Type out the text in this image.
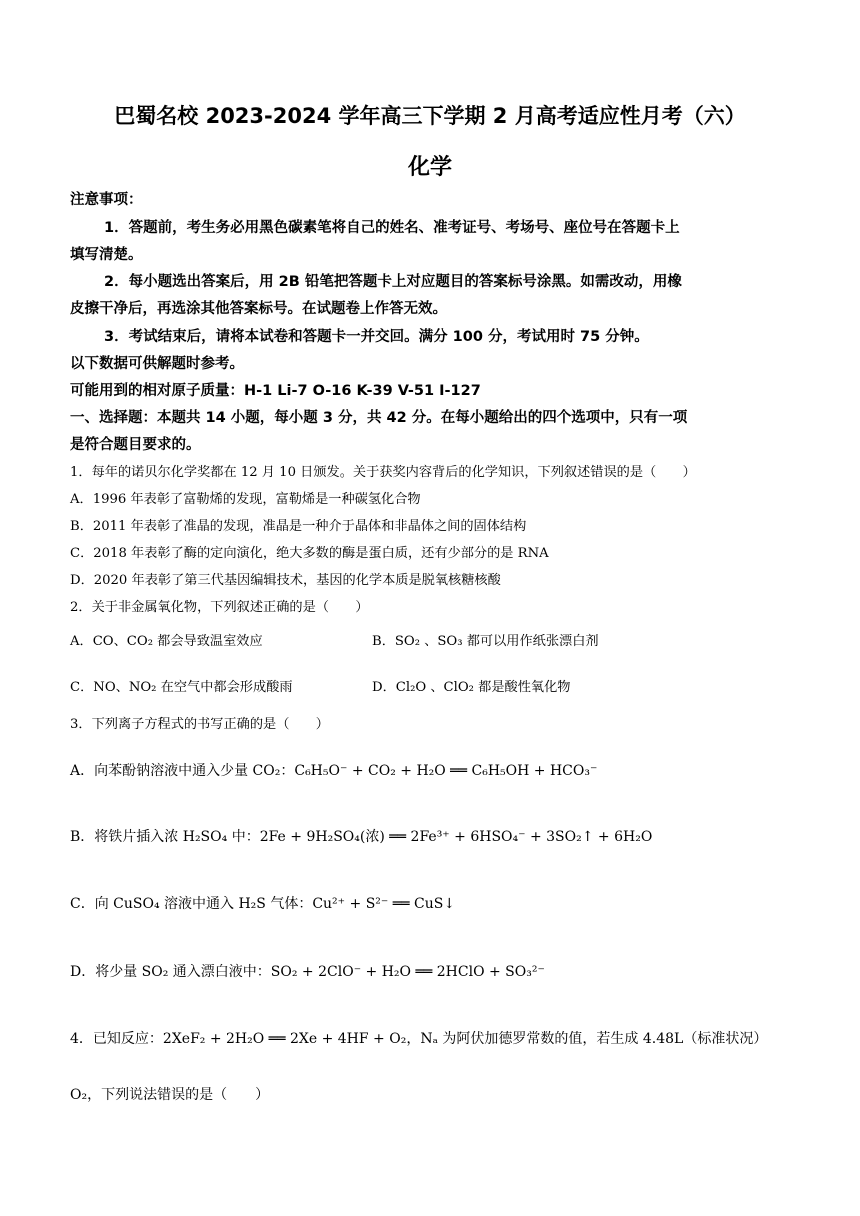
巴蜀名校 2023-2024 学年高三下学期 2 月高考适应性月考（六）
化学
注意事项：
1．答题前，考生务必用黑色碳素笔将自己的姓名、准考证号、考场号、座位号在答题卡上
填写清楚。
2．每小题选出答案后，用 2B 铅笔把答题卡上对应题目的答案标号涂黑。如需改动，用橡
皮擦干净后，再选涂其他答案标号。在试题卷上作答无效。
3．考试结束后，请将本试卷和答题卡一并交回。满分 100 分，考试用时 75 分钟。
以下数据可供解题时参考。
可能用到的相对原子质量：H-1 Li-7 O-16 K-39 V-51 I-127
一、选择题：本题共 14 小题，每小题 3 分，共 42 分。在每小题给出的四个选项中，只有一项
是符合题目要求的。
1．每年的诺贝尔化学奖都在 12 月 10 日颁发。关于获奖内容背后的化学知识，下列叙述错误的是（　　）
A．1996 年表彰了富勒烯的发现，富勒烯是一种碳氢化合物
B．2011 年表彰了准晶的发现，准晶是一种介于晶体和非晶体之间的固体结构
C．2018 年表彰了酶的定向演化，绝大多数的酶是蛋白质，还有少部分的是 RNA
D．2020 年表彰了第三代基因编辑技术，基因的化学本质是脱氧核糖核酸
2．关于非金属氧化物，下列叙述正确的是（　　）
A．CO、CO₂ 都会导致温室效应	B．SO₂ 、SO₃ 都可以用作纸张漂白剂
C．NO、NO₂ 在空气中都会形成酸雨	D．Cl₂O 、ClO₂ 都是酸性氧化物
3．下列离子方程式的书写正确的是（　　）
A．向苯酚钠溶液中通入少量 CO₂：C₆H₅O⁻ + CO₂ + H₂O ══ C₆H₅OH + HCO₃⁻
B．将铁片插入浓 H₂SO₄ 中：2Fe + 9H₂SO₄(浓) ══ 2Fe³⁺ + 6HSO₄⁻ + 3SO₂↑ + 6H₂O
C．向 CuSO₄ 溶液中通入 H₂S 气体：Cu²⁺ + S²⁻ ══ CuS↓
D．将少量 SO₂ 通入漂白液中：SO₂ + 2ClO⁻ + H₂O ══ 2HClO + SO₃²⁻
4．已知反应：2XeF₂ + 2H₂O ══ 2Xe + 4HF + O₂，Nₐ 为阿伏加德罗常数的值，若生成 4.48L（标准状况）
O₂，下列说法错误的是（　　）
